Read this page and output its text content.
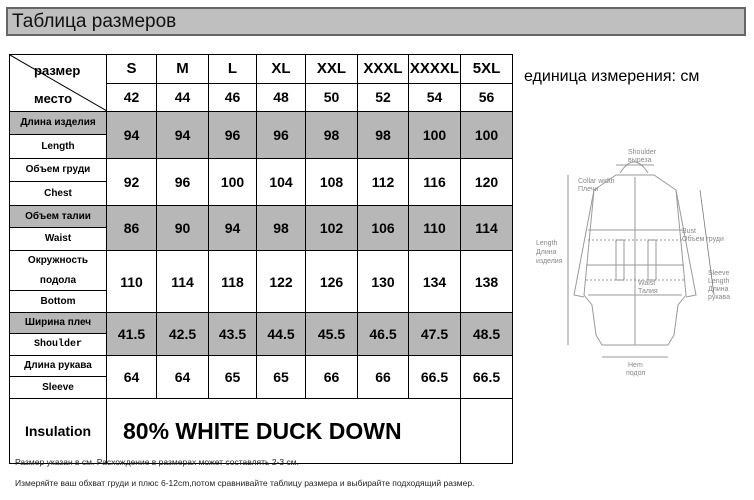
Таблица размеров
размер
место	S	M	L	XL	XXL	XXXL	XXXXL	5XL
	42	44	46	48	50	52	54	56

Длина изделия
Length	94	94	96	96	98	98	100	100

Объем груди
Chest	92	96	100	104	108	112	116	120

Объем талии
Waist	86	90	94	98	102	106	110	114

Окружность
подола
Bottom	110	114	118	122	126	130	134	138

Ширина плеч
Shoulder	41.5	42.5	43.5	44.5	45.5	46.5	47.5	48.5

Длина рукава
Sleeve	64	64	65	65	66	66	66.5	66.5
Insulation	80% WHITE DUCK DOWN							
единица измерения: см
Shoulder
выреза
Collar width
Плечи
Length
Длина
изделия
Bust
Объем груди
Waist
Талия
Sleeve
Length
Длина
рукава
Hem
подол
Размер указан в см. Расхождение в размерах может составлять 2-3 см.
Измеряйте ваш обхват груди и плюс 6-12cm,потом сравнивайте таблицу размера и выбирайте подходящий размер.
